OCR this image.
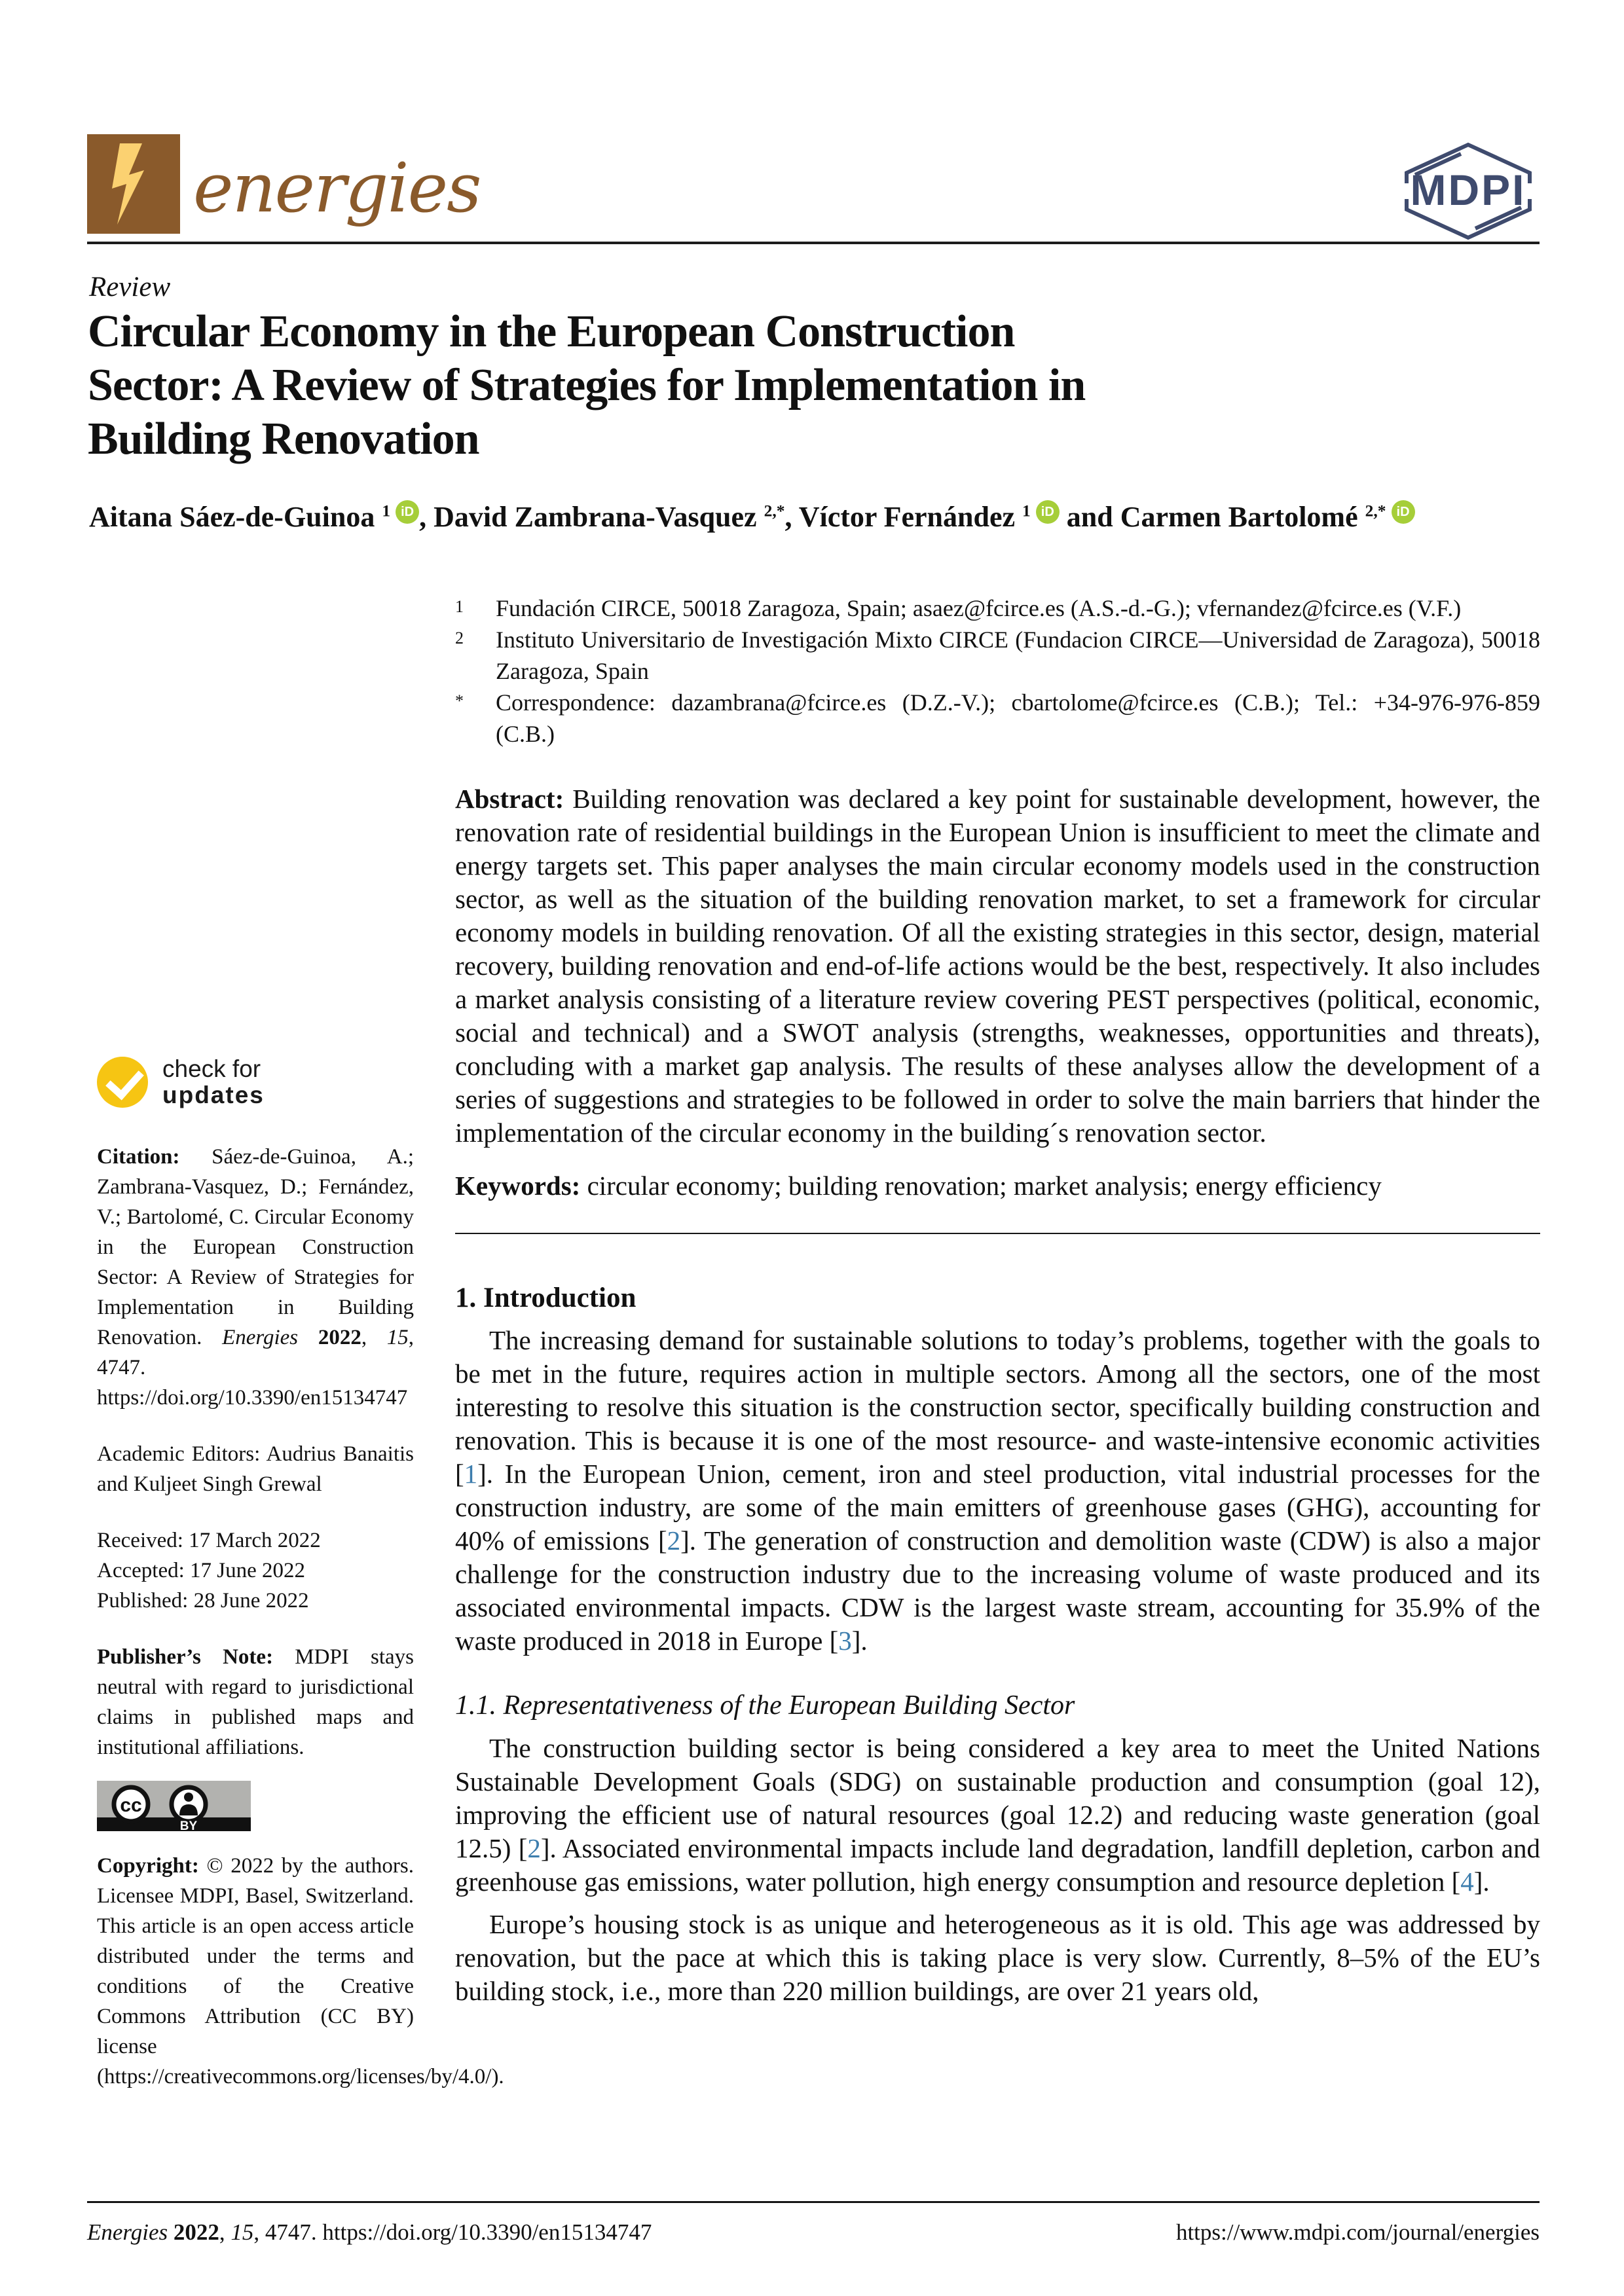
energies	MDPI
Review
Circular Economy in the European Construction
Sector: A Review of Strategies for Implementation in
Building Renovation
Aitana Sáez-de-Guinoa $^1$ iD , David Zambrana-Vasquez $^{2,*}$, Víctor Fernández $^1$ iD and Carmen Bartolomé $^{2,*}$ iD
check for
updates
Citation: Sáez-de-Guinoa, A.; Zambrana-Vasquez, D.; Fernández, V.; Bartolomé, C. Circular Economy in the European Construction Sector: A Review of Strategies for Implementation in Building Renovation. Energies 2022, 15, 4747. https://doi.org/10.3390/en15134747
Academic Editors: Audrius Banaitis and Kuljeet Singh Grewal
Received: 17 March 2022
Accepted: 17 June 2022
Published: 28 June 2022
Publisher’s Note: MDPI stays neutral with regard to jurisdictional claims in published maps and institutional affiliations.
cc
BY
Copyright: © 2022 by the authors. Licensee MDPI, Basel, Switzerland. This article is an open access article distributed under the terms and conditions of the Creative Commons Attribution (CC BY) license (https://creativecommons.org/licenses/by/4.0/).
1	Fundación CIRCE, 50018 Zaragoza, Spain; asaez@fcirce.es (A.S.-d.-G.); vfernandez@fcirce.es (V.F.)
2	Instituto Universitario de Investigación Mixto CIRCE (Fundacion CIRCE—Universidad de Zaragoza), 50018 Zaragoza, Spain
*	Correspondence: dazambrana@fcirce.es (D.Z.-V.); cbartolome@fcirce.es (C.B.); Tel.: +34-976-976-859 (C.B.)

Abstract: Building renovation was declared a key point for sustainable development, however, the renovation rate of residential buildings in the European Union is insufficient to meet the climate and energy targets set. This paper analyses the main circular economy models used in the construction sector, as well as the situation of the building renovation market, to set a framework for circular economy models in building renovation. Of all the existing strategies in this sector, design, material recovery, building renovation and end-of-life actions would be the best, respectively. It also includes a market analysis consisting of a literature review covering PEST perspectives (political, economic, social and technical) and a SWOT analysis (strengths, weaknesses, opportunities and threats), concluding with a market gap analysis. The results of these analyses allow the development of a series of suggestions and strategies to be followed in order to solve the main barriers that hinder the implementation of the circular economy in the building´s renovation sector.

Keywords: circular economy; building renovation; market analysis; energy efficiency

1. Introduction

The increasing demand for sustainable solutions to today’s problems, together with the goals to be met in the future, requires action in multiple sectors. Among all the sectors, one of the most interesting to resolve this situation is the construction sector, specifically building construction and renovation. This is because it is one of the most resource- and waste-intensive economic activities [1]. In the European Union, cement, iron and steel production, vital industrial processes for the construction industry, are some of the main emitters of greenhouse gases (GHG), accounting for 40% of emissions [2]. The generation of construction and demolition waste (CDW) is also a major challenge for the construction industry due to the increasing volume of waste produced and its associated environmental impacts. CDW is the largest waste stream, accounting for 35.9% of the waste produced in 2018 in Europe [3].

1.1. Representativeness of the European Building Sector

The construction building sector is being considered a key area to meet the United Nations Sustainable Development Goals (SDG) on sustainable production and consumption (goal 12), improving the efficient use of natural resources (goal 12.2) and reducing waste generation (goal 12.5) [2]. Associated environmental impacts include land degradation, landfill depletion, carbon and greenhouse gas emissions, water pollution, high energy consumption and resource depletion [4].

Europe’s housing stock is as unique and heterogeneous as it is old. This age was addressed by renovation, but the pace at which this is taking place is very slow. Currently, 8–5% of the EU’s building stock, i.e., more than 220 million buildings, are over 21 years old,

Energies 2022, 15, 4747. https://doi.org/10.3390/en15134747	https://www.mdpi.com/journal/energies
